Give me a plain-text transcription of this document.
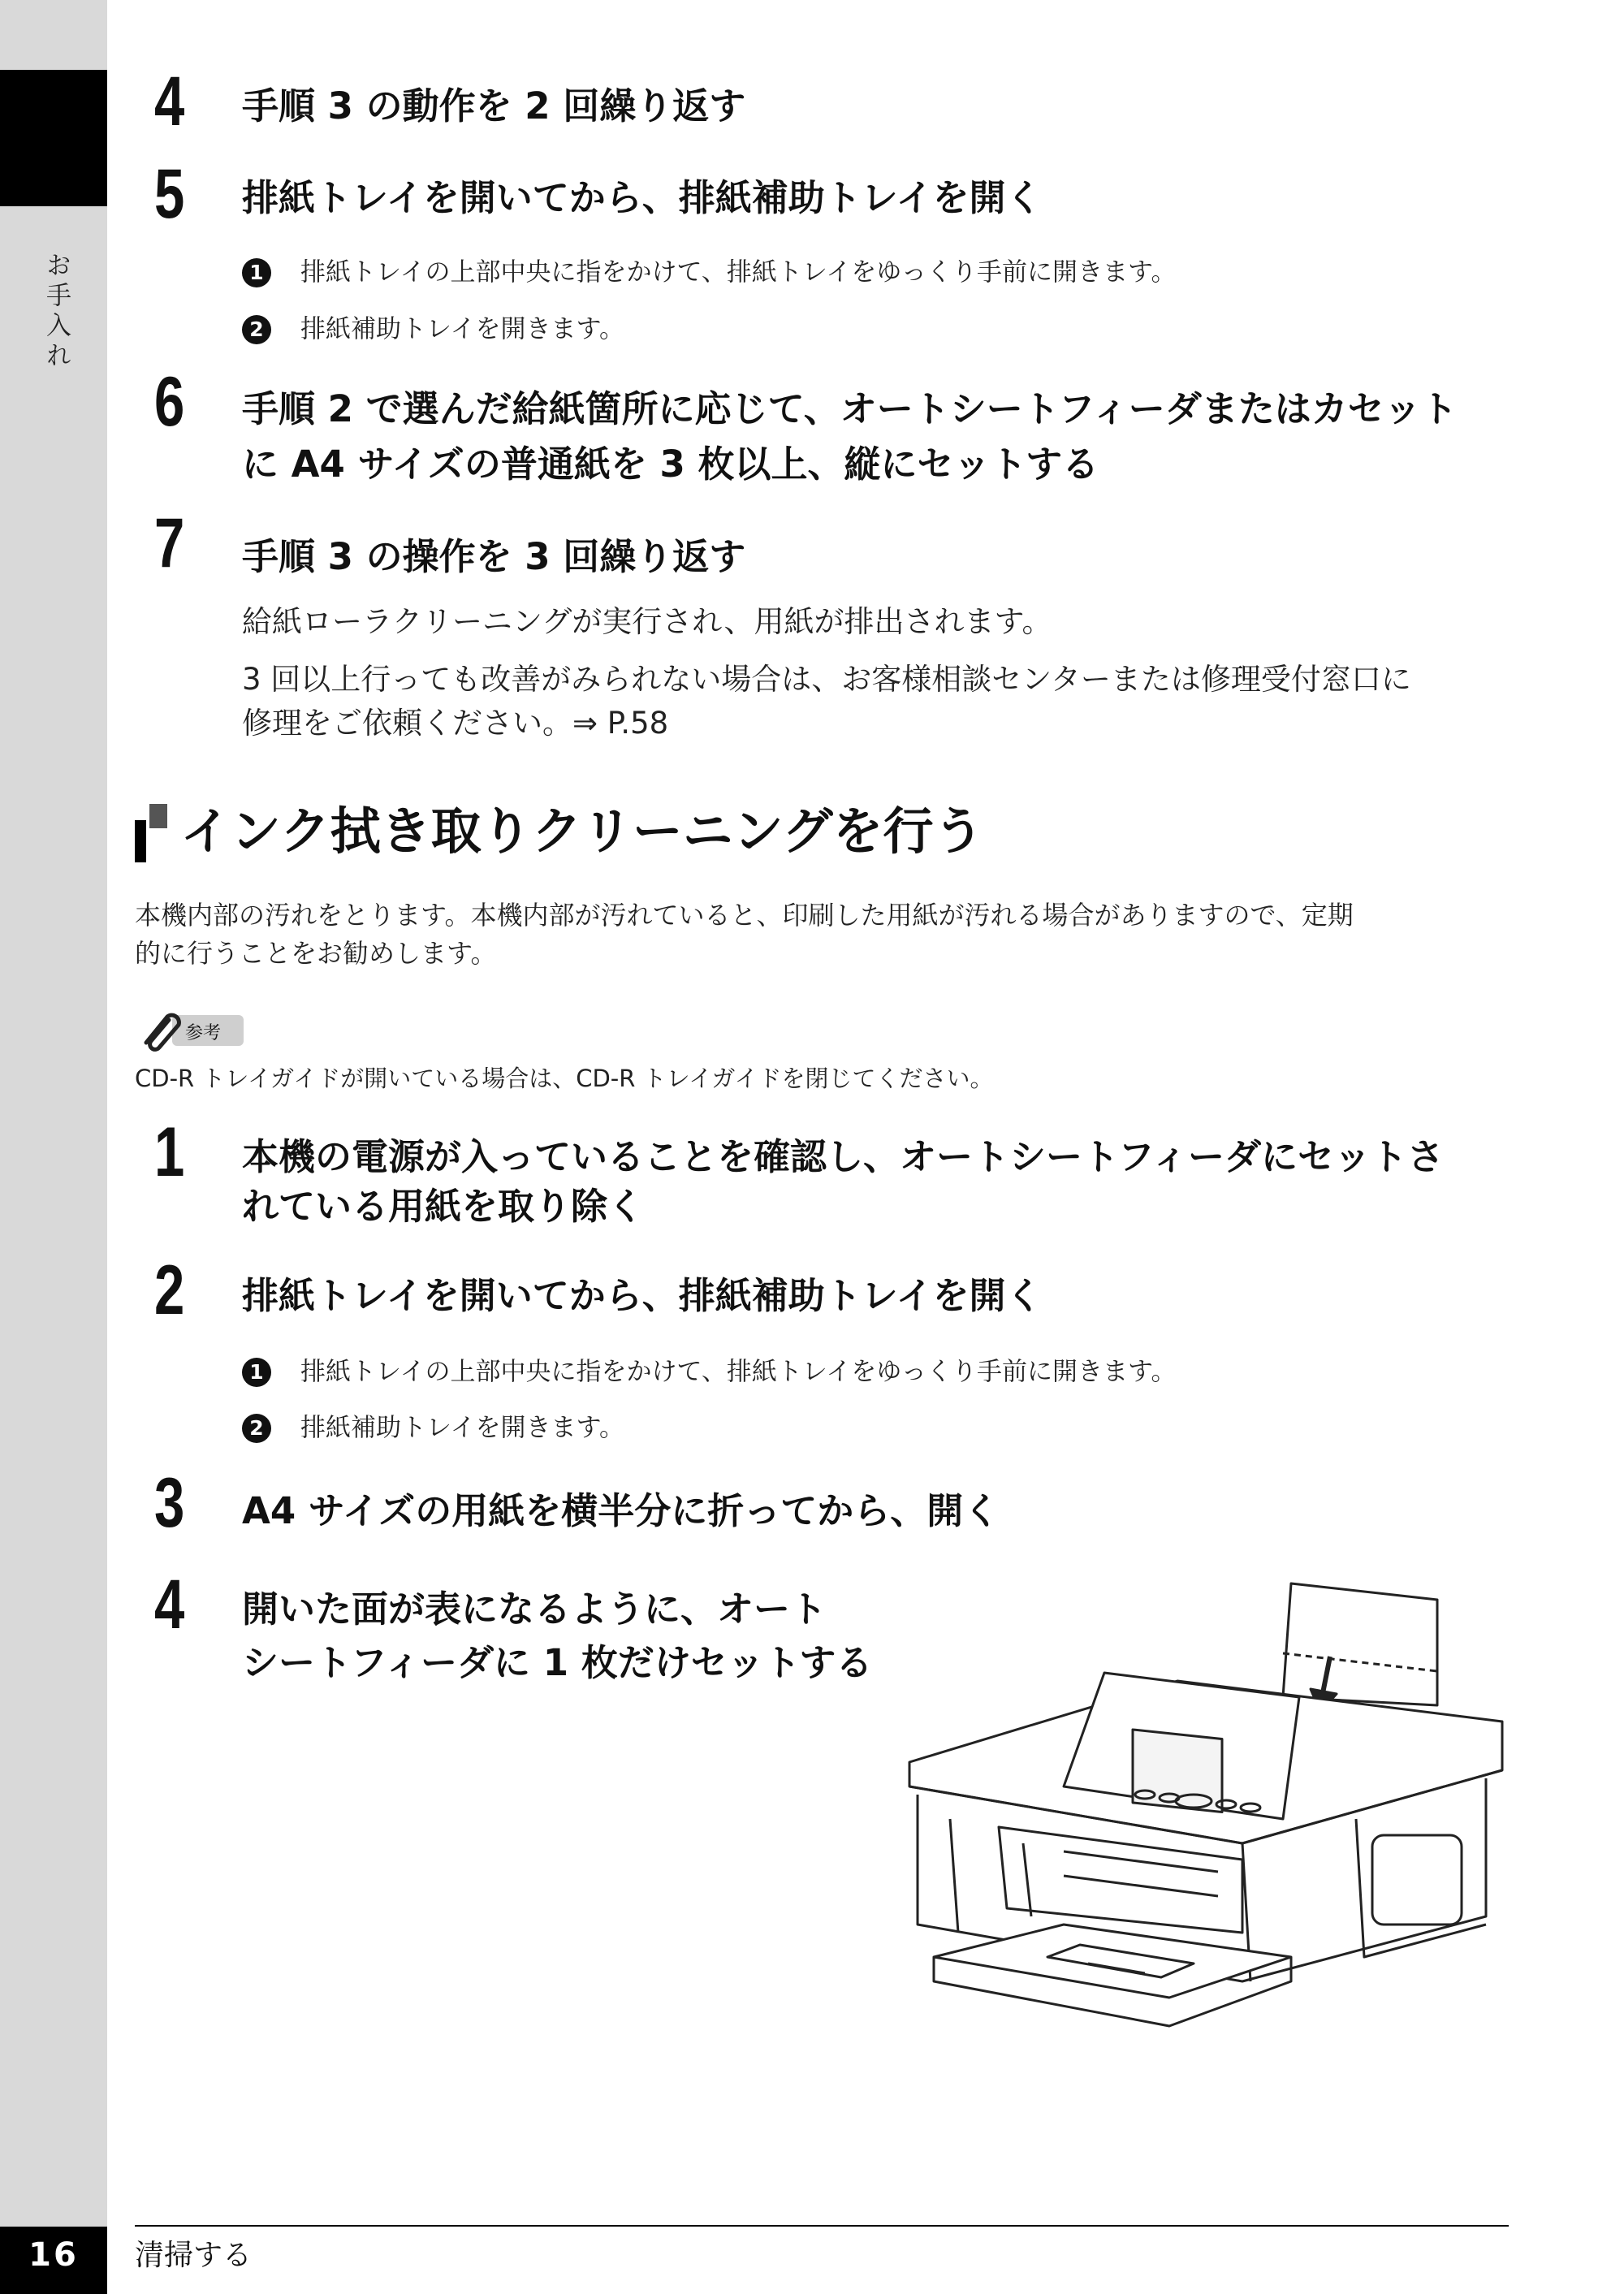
お手入れ
4 手順 3 の動作を 2 回繰り返す
5 排紙トレイを開いてから、排紙補助トレイを開く
1 排紙トレイの上部中央に指をかけて、排紙トレイをゆっくり手前に開きます。
2 排紙補助トレイを開きます。
6 手順 2 で選んだ給紙箇所に応じて、オートシートフィーダまたはカセット
に A4 サイズの普通紙を 3 枚以上、縦にセットする
7 手順 3 の操作を 3 回繰り返す
給紙ローラクリーニングが実行され、用紙が排出されます。
3 回以上行っても改善がみられない場合は、お客様相談センターまたは修理受付窓口に
修理をご依頼ください。⇒ P.58
インク拭き取りクリーニングを行う
本機内部の汚れをとります。本機内部が汚れていると、印刷した用紙が汚れる場合がありますので、定期
的に行うことをお勧めします。
参考
CD-R トレイガイドが開いている場合は、CD-R トレイガイドを閉じてください。
1 本機の電源が入っていることを確認し、オートシートフィーダにセットさ
れている用紙を取り除く
2 排紙トレイを開いてから、排紙補助トレイを開く
1 排紙トレイの上部中央に指をかけて、排紙トレイをゆっくり手前に開きます。
2 排紙補助トレイを開きます。
3 A4 サイズの用紙を横半分に折ってから、開く
4 開いた面が表になるように、オート
シートフィーダに 1 枚だけセットする
16	清掃する
